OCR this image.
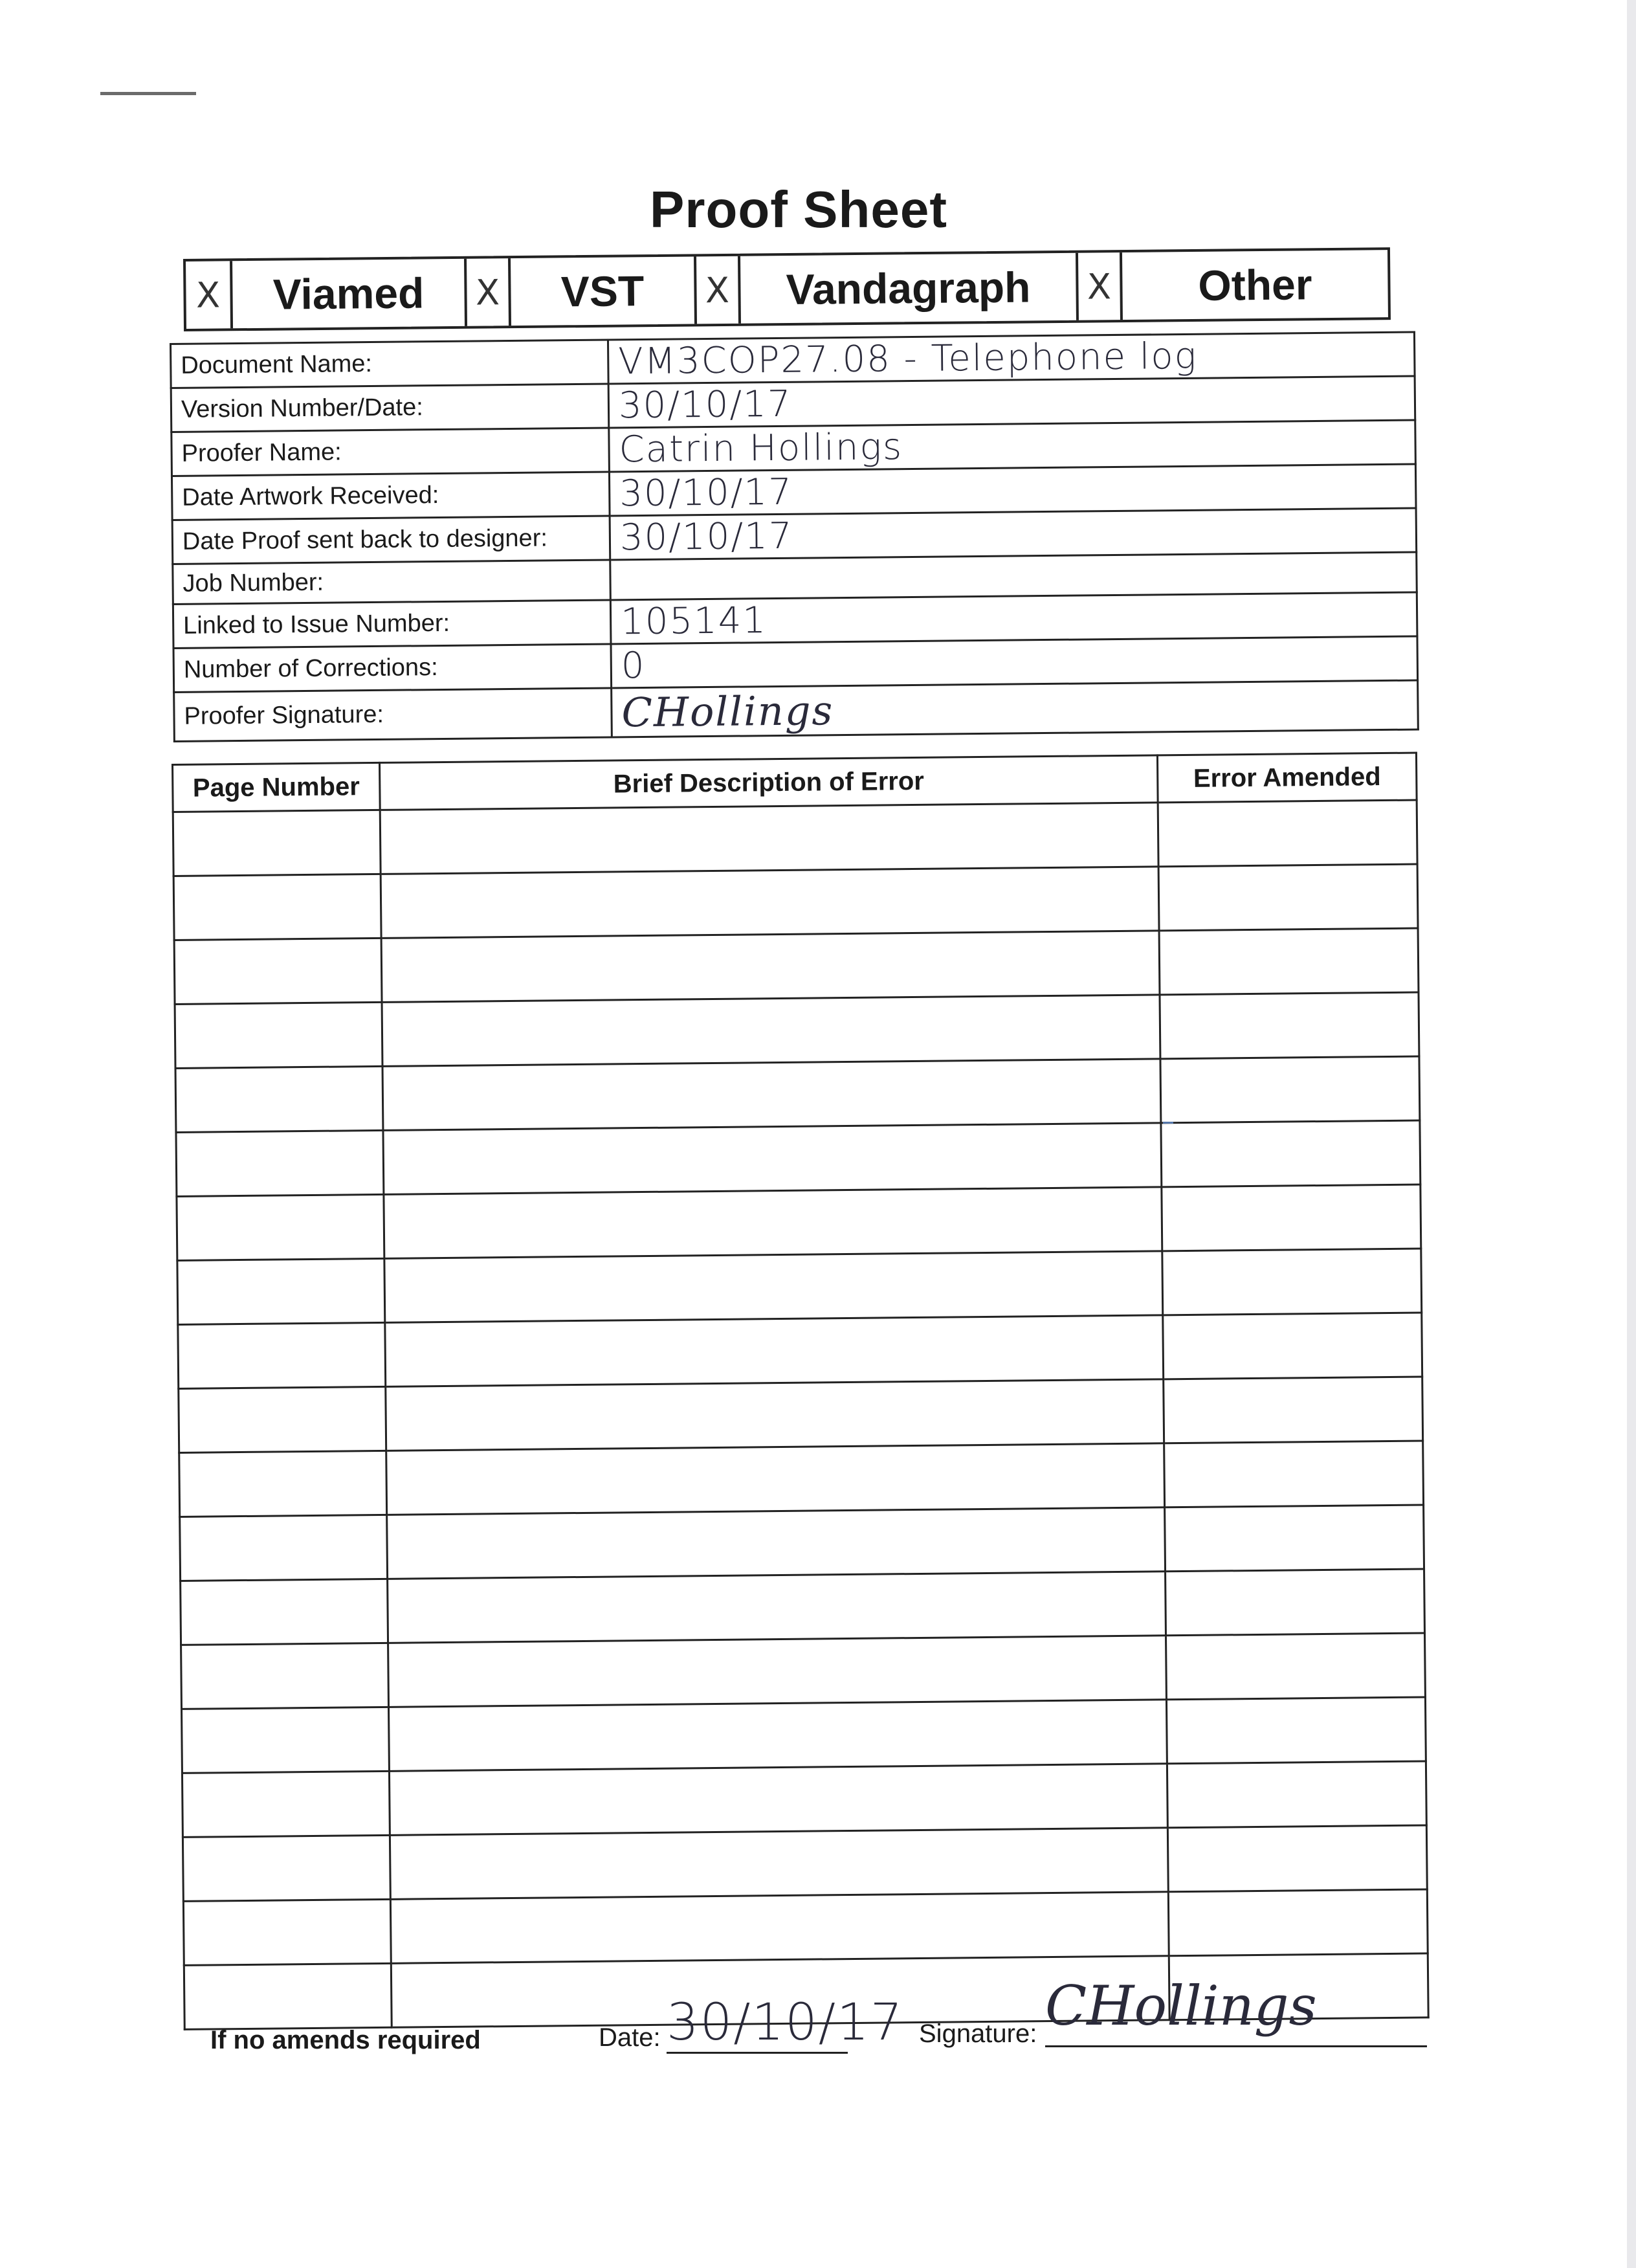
Proof Sheet
X	Viamed	X	VST	X	Vandagraph	X	Other
Document Name:	VM3COP27.08 - Telephone log
Version Number/Date:	30/10/17
Proofer Name:	Catrin Hollings
Date Artwork Received:	30/10/17
Date Proof sent back to designer:	30/10/17
Job Number:	
Linked to Issue Number:	105141
Number of Corrections:	0
Proofer Signature:	CHollings
Page Number	Brief Description of Error	Error Amended

If no amends required	Date: 30/10/17 Signature: CHollings
